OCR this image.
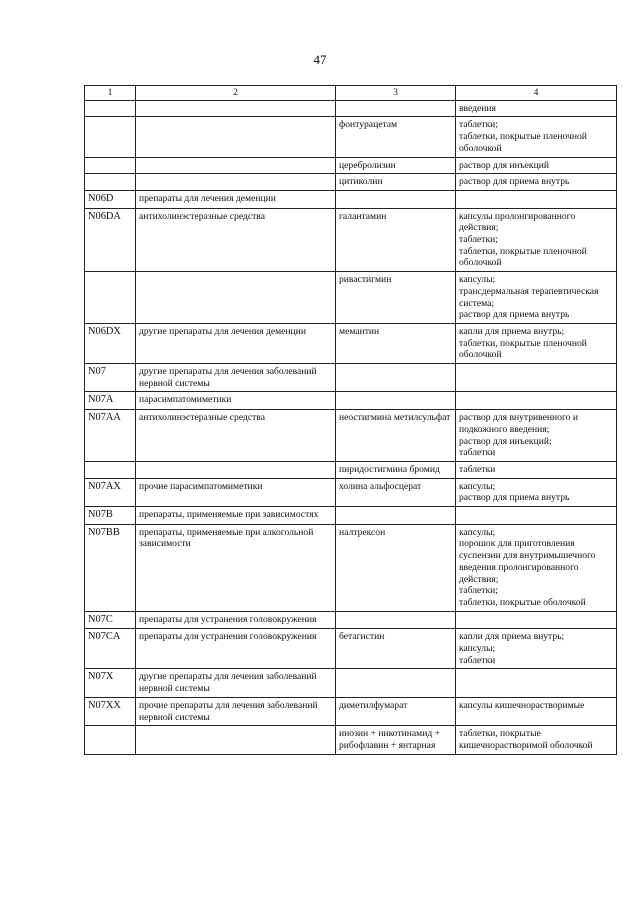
47
1	2	3	4

			введения

		фонтурацетам	таблетки;
таблетки, покрытые пленочной оболочкой

		церебролизин	раствор для инъекций

		цитиколин	раствор для приема внутрь

N06D	препараты для лечения деменции		
N06DA	антихолинэстеразные средства	галантамин	капсулы пролонгированного действия;
таблетки;
таблетки, покрытые пленочной оболочкой

		ривастигмин	капсулы;
трансдермальная терапевтическая система;
раствор для приема внутрь

N06DX	другие препараты для лечения деменции	мемантин	капли для приема внутрь;
таблетки, покрытые пленочной оболочкой

N07	другие препараты для лечения заболеваний нервной системы		
N07A	парасимпатомиметики		
N07AA	антихолинэстеразные средства	неостигмина метилсульфат	раствор для внутривенного и подкожного введения;
раствор для инъекций;
таблетки

		пиридостигмина бромид	таблетки

N07AX	прочие парасимпатомиметики	холина альфосцерат	капсулы;
раствор для приема внутрь

N07B	препараты, применяемые при зависимостях		
N07BB	препараты, применяемые при алкогольной зависимости	налтрексон	капсулы;
порошок для приготовления суспензии для внутримышечного введения пролонгированного действия;
таблетки;
таблетки, покрытые оболочкой

N07C	препараты для устранения головокружения		
N07CA	препараты для устранения головокружения	бетагистин	капли для приема внутрь;
капсулы;
таблетки

N07X	другие препараты для лечения заболеваний нервной системы		
N07XX	прочие препараты для лечения заболеваний нервной системы	диметилфумарат	капсулы кишечнорастворимые

		инозин + никотинамид + рибофлавин + янтарная	таблетки, покрытые кишечнорастворимой оболочкой
